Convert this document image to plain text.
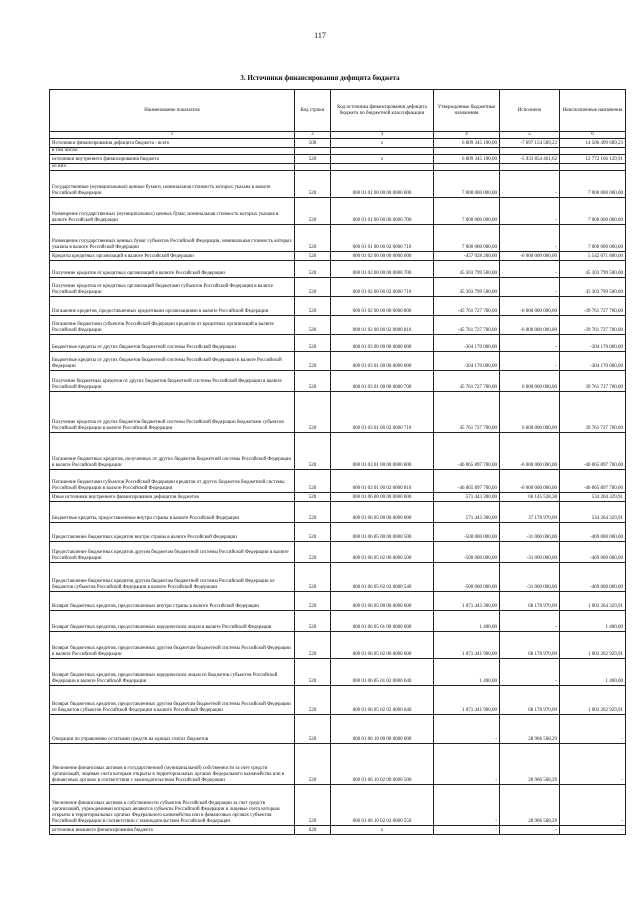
117
3. Источники финансирования дефицита бюджета
Наименование показателя	Код строки	Код источника финансирования дефицита бюджета по бюджетной классификации	Утвержденные бюджетные назначения	Исполнено	Неисполненные назначения
1	2	3	4	5	6
Источники финансирования дефицита бюджета - всего	500	x	6 809 345 100,00	-7 697 154 589,23	14 506 499 689,23
в том числе:					
источники внутреннего финансирования бюджета	520	x	6 809 345 100,00	-5 933 854 461,62	12 772 166 129,91
из них:					
Государственные (муниципальные) ценные бумаги, номинальная стоимость которых указана в валюте Российской Федерации	520	000 01 01 00 00 00 0000 000	7 000 000 000,00	-	7 000 000 000,00
Размещение государственных (муниципальных) ценных бумаг, номинальная стоимость которых указана в валюте Российской Федерации	520	000 01 01 00 00 00 0000 700	7 000 000 000,00	-	7 000 000 000,00
Размещение государственных ценных бумаг субъектов Российской Федерации, номинальная стоимость которых указана в валюте Российской Федерации	520	000 01 01 00 00 02 0000 710	7 000 000 000,00	-	7 000 000 000,00
Кредиты кредитных организаций в валюте Российской Федерации	520	000 01 02 00 00 00 0000 000	-457 928 200,00	-6 000 000 000,00	5 542 071 800,00
Получение кредитов от кредитных организаций в валюте Российской Федерации	520	000 01 02 00 00 00 0000 700	45 303 799 500,00	-	45 303 799 500,00
Получение кредитов от кредитных организаций бюджетами субъектов Российской Федерации в валюте Российской Федерации	520	000 01 02 00 00 02 0000 710	45 303 799 500,00	-	45 303 799 500,00
Погашение кредитов, предоставленных кредитными организациями в валюте Российской Федерации	520	000 01 02 00 00 00 0000 800	-45 761 727 700,00	-6 000 000 000,00	-39 761 727 700,00
Погашение бюджетами субъектов Российской Федерации кредитов от кредитных организаций в валюте Российской Федерации	520	000 01 02 00 00 02 0000 810	-45 761 727 700,00	-6 000 000 000,00	-39 761 727 700,00
Бюджетные кредиты от других бюджетов бюджетной системы Российской Федерации	520	000 01 03 00 00 00 0000 000	-304 170 000,00	-	-304 170 000,00
Бюджетные кредиты от других бюджетов бюджетной системы Российской Федерации в валюте Российской Федерации	520	000 01 03 01 00 00 0000 000	-304 170 000,00	-	-304 170 000,00
Получение бюджетных кредитов от других бюджетов бюджетной системы Российской Федерации в валюте Российской Федерации	520	000 01 03 01 00 00 0000 700	45 761 727 700,00	6 000 000 000,00	39 761 727 700,00
Получение кредитов от других бюджетов бюджетной системы Российской Федерации бюджетами субъектов Российской Федерации в валюте Российской Федерации	520	000 01 03 01 00 02 0000 710	45 761 727 700,00	6 000 000 000,00	39 761 727 700,00
Погашение бюджетных кредитов, полученных от других бюджетов бюджетной системы Российской Федерации в валюте Российской Федерации	520	000 01 03 01 00 00 0000 800	-46 065 897 700,00	-6 000 000 000,00	-40 065 897 700,00
Погашение бюджетами субъектов Российской Федерации кредитов от других бюджетов бюджетной системы Российской Федерации в валюте Российской Федерации	520	000 01 03 01 00 02 0000 810	-46 065 897 700,00	-6 000 000 000,00	-40 065 897 700,00
Иные источники внутреннего финансирования дефицитов бюджетов	520	000 01 06 00 00 00 0000 000	571 443 300,00	66 145 538,38	534 264 329,91
Бюджетные кредиты, предоставленные внутри страны в валюте Российской Федерации	520	000 01 06 05 00 00 0000 000	571 443 300,00	37 178 970,09	534 264 329,91
Предоставление бюджетных кредитов внутри страны в валюте Российской Федерации	520	000 01 06 05 00 00 0000 500	-500 000 000,00	-31 000 000,00	-469 000 000,00
Предоставление бюджетных кредитов другим бюджетам бюджетной системы Российской Федерации в валюте Российской Федерации	520	000 01 06 05 02 00 0000 500	-500 000 000,00	-31 000 000,00	-469 000 000,00
Предоставление бюджетных кредитов другим бюджетам бюджетной системы Российской Федерации из бюджетов субъектов Российской Федерации в валюте Российской Федерации	520	000 01 06 05 02 02 0000 540	-500 000 000,00	-31 000 000,00	-469 000 000,00
Возврат бюджетных кредитов, предоставленных внутри страны в валюте Российской Федерации	520	000 01 06 05 00 00 0000 600	1 071 443 300,00	68 178 970,09	1 003 264 329,91
Возврат бюджетных кредитов, предоставленных юридическим лицам в валюте Российской Федерации	520	000 01 06 05 01 00 0000 600	1 400,00	-	1 400,00
Возврат бюджетных кредитов, предоставленных другим бюджетам бюджетной системы Российской Федерации в валюте Российской Федерации	520	000 01 06 05 02 00 0000 600	1 071 441 900,00	68 178 970,09	1 003 262 929,91
Возврат бюджетных кредитов, предоставленных юридическим лицам из бюджетов субъектов Российской Федерации в валюте Российской Федерации	520	000 01 06 05 01 02 0000 640	1 400,00	-	1 400,00
Возврат бюджетных кредитов, предоставленных другим бюджетам бюджетной системы Российской Федерации из бюджетов субъектов Российской Федерации в валюте Российской Федерации	520	000 01 06 05 02 02 0000 640	1 071 441 900,00	68 178 970,09	1 003 262 929,91
Операции по управлению остатками средств на единых счетах бюджетов	520	000 01 06 10 00 00 0000 000	-	28 966 568,29	-
Увеличение финансовых активов в государственной (муниципальной) собственности за счет средств организаций, лицевые счета которым открыты в территориальных органах Федерального казначейства или в финансовых органах в соответствии с законодательством Российской Федерации	520	000 01 06 10 02 00 0000 500	-	28 966 568,29	-
Увеличение финансовых активов в собственности субъектов Российской Федерации за счет средств организаций, учреждениями которых являются субъекты Российской Федерации и лицевые счета которым открыты в территориальных органах Федерального казначейства или в финансовых органах субъектов Российской Федерации в соответствии с законодательством Российской Федерации	520	000 01 06 10 02 02 0000 550	-	28 966 568,29	-
источники внешнего финансирования бюджета	620	x	-	-	-
